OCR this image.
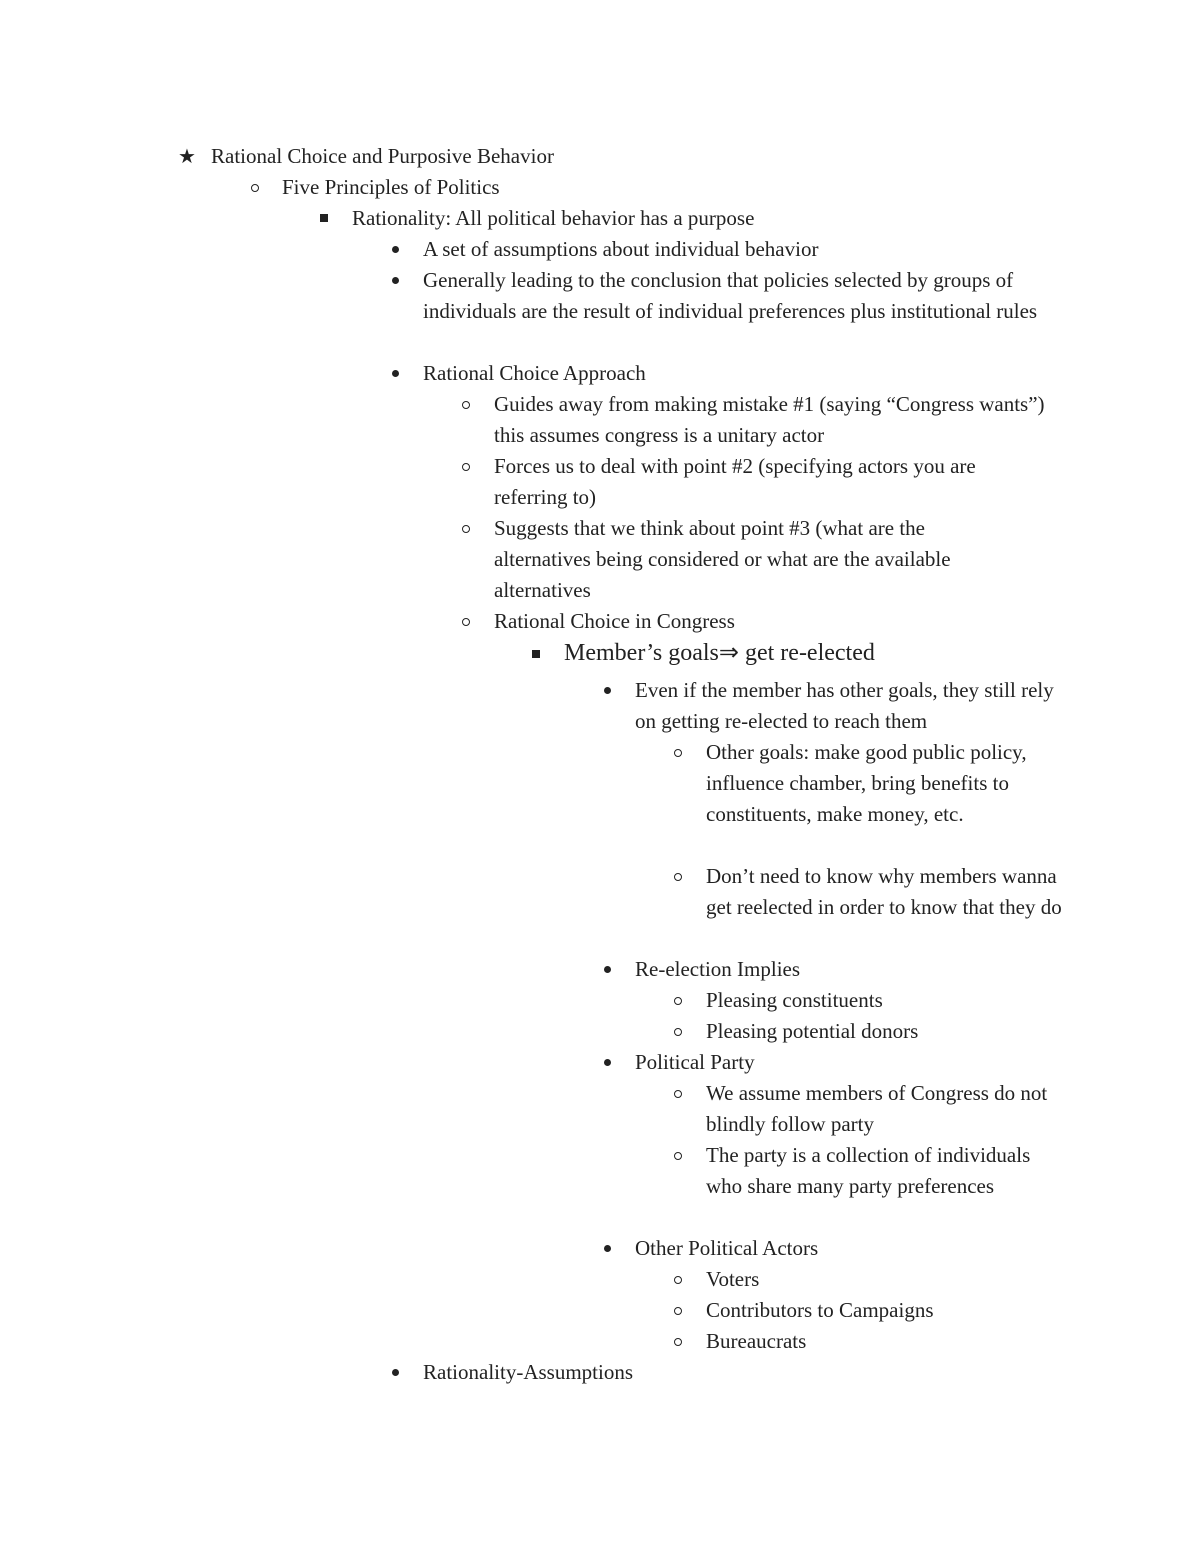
★ Rational Choice and Purposive Behavior
Five Principles of Politics
Rationality: All political behavior has a purpose
A set of assumptions about individual behavior
Generally leading to the conclusion that policies selected by groups of individuals are the result of individual preferences plus institutional rules
Rational Choice Approach
Guides away from making mistake #1 (saying “Congress wants”) this assumes congress is a unitary actor
Forces us to deal with point #2 (specifying actors you are referring to)
Suggests that we think about point #3 (what are the alternatives being considered or what are the available alternatives
Rational Choice in Congress
Member’s goals⇒ get re-elected
Even if the member has other goals, they still rely on getting re-elected to reach them
Other goals: make good public policy, influence chamber, bring benefits to constituents, make money, etc.
Don’t need to know why members wanna get reelected in order to know that they do
Re-election Implies
Pleasing constituents
Pleasing potential donors
Political Party
We assume members of Congress do not blindly follow party
The party is a collection of individuals who share many party preferences
Other Political Actors
Voters
Contributors to Campaigns
Bureaucrats
Rationality-Assumptions
